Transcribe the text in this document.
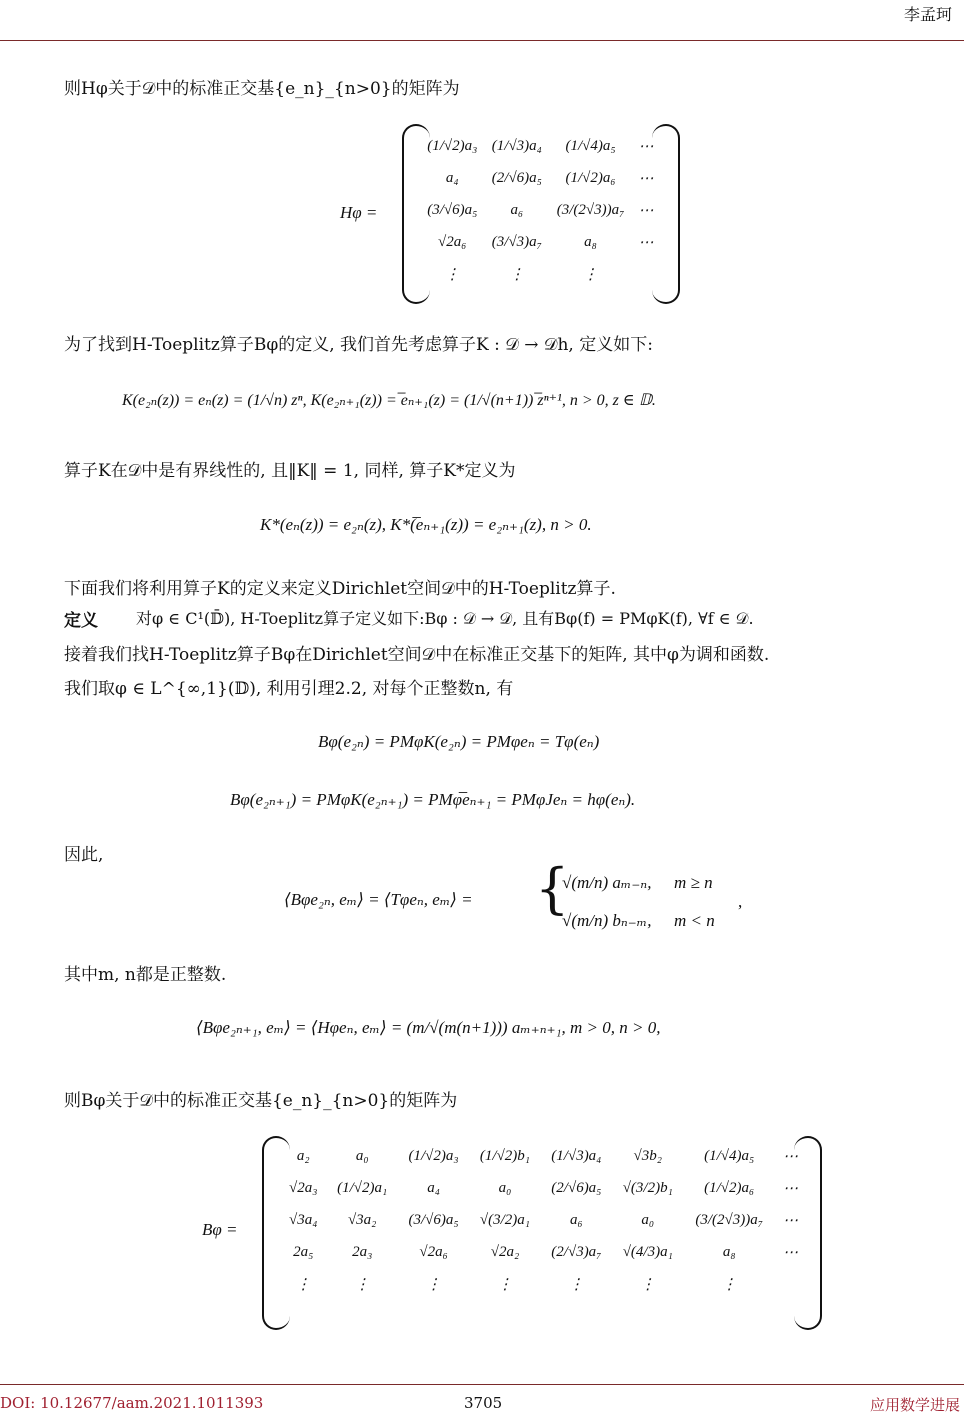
李孟珂
则Hφ关于𝒟中的标准正交基{e_n}_{n>0}的矩阵为
Hφ =
(1/√2)a₃	(1/√3)a₄	(1/√4)a₅	⋯
a₄	(2/√6)a₅	(1/√2)a₆	⋯
(3/√6)a₅	a₆	(3/(2√3))a₇	⋯
√2a₆	(3/√3)a₇	a₈	⋯
⋮	⋮	⋮	
为了找到H-Toeplitz算子Bφ的定义, 我们首先考虑算子K : 𝒟 → 𝒟h, 定义如下:
K(e₂ₙ(z)) = eₙ(z) = (1/√n) zⁿ, K(e₂ₙ₊₁(z)) = ̅eₙ₊₁(z) = (1/√(n+1)) ̅zⁿ⁺¹, n > 0, z ∈ 𝔻.
算子K在𝒟中是有界线性的, 且‖K‖ = 1, 同样, 算子K*定义为
K*(eₙ(z)) = e₂ₙ(z), K*(̅eₙ₊₁(z)) = e₂ₙ₊₁(z), n > 0.
下面我们将利用算子K的定义来定义Dirichlet空间𝒟中的H-Toeplitz算子.
定义 对φ ∈ C¹(𝔻̄), H-Toeplitz算子定义如下:Bφ : 𝒟 → 𝒟, 且有Bφ(f) = PMφK(f), ∀f ∈ 𝒟.
接着我们找H-Toeplitz算子Bφ在Dirichlet空间𝒟中在标准正交基下的矩阵, 其中φ为调和函数.
我们取φ ∈ L^{∞,1}(𝔻), 利用引理2.2, 对每个正整数n, 有
Bφ(e₂ₙ) = PMφK(e₂ₙ) = PMφeₙ = Tφ(eₙ)
Bφ(e₂ₙ₊₁) = PMφK(e₂ₙ₊₁) = PMφ̅eₙ₊₁ = PMφJeₙ = hφ(eₙ).
因此,
⟨Bφe₂ₙ, eₘ⟩ = ⟨Tφeₙ, eₘ⟩ = {
√(m/n) aₘ₋ₙ, m ≥ n
√(m/n) bₙ₋ₘ, m < n
,
其中m, n都是正整数.
⟨Bφe₂ₙ₊₁, eₘ⟩ = ⟨Hφeₙ, eₘ⟩ = (m/√(m(n+1))) aₘ₊ₙ₊₁, m > 0, n > 0,
则Bφ关于𝒟中的标准正交基{e_n}_{n>0}的矩阵为
Bφ =
a₂	a₀	(1/√2)a₃	(1/√2)b₁	(1/√3)a₄	√3b₂	(1/√4)a₅	⋯
√2a₃	(1/√2)a₁	a₄	a₀	(2/√6)a₅	√(3/2)b₁	(1/√2)a₆	⋯
√3a₄	√3a₂	(3/√6)a₅	√(3/2)a₁	a₆	a₀	(3/(2√3))a₇	⋯
2a₅	2a₃	√2a₆	√2a₂	(2/√3)a₇	√(4/3)a₁	a₈	⋯
⋮	⋮	⋮	⋮	⋮	⋮	⋮	
DOI: 10.12677/aam.2021.1011393	3705	应用数学进展
